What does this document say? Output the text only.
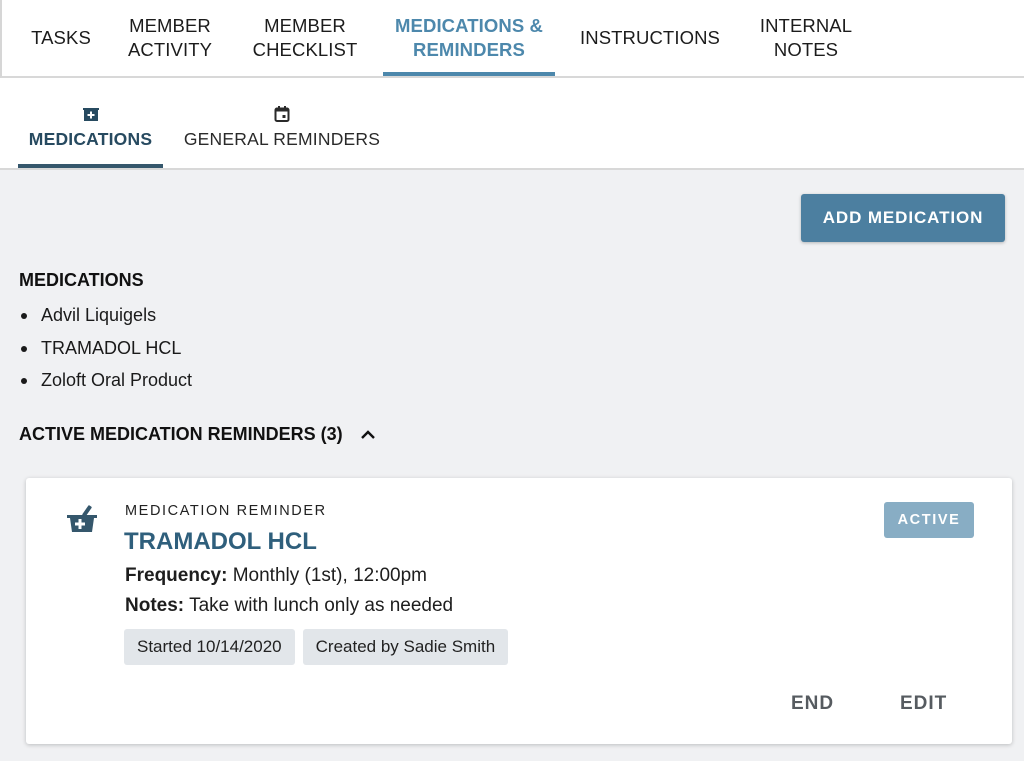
TASKS
MEMBER
ACTIVITY
MEMBER
CHECKLIST
MEDICATIONS &
REMINDERS
INSTRUCTIONS
INTERNAL
NOTES
MEDICATIONS	GENERAL REMINDERS
ADD MEDICATION
MEDICATIONS
Advil Liquigels
TRAMADOL HCL
Zoloft Oral Product
ACTIVE MEDICATION REMINDERS (3)
MEDICATION REMINDER
TRAMADOL HCL
Frequency: Monthly (1st), 12:00pm
Notes: Take with lunch only as needed
Started 10/14/2020	Created by Sadie Smith
ACTIVE
END	EDIT
